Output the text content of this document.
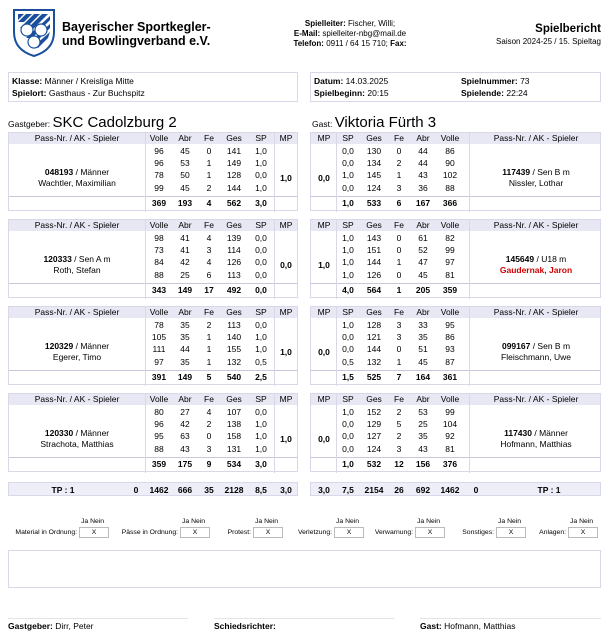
Bayerischer Sportkegler-
und Bowlingverband e.V.
Spielleiter: Fischer, Willi;
E-Mail: spielleiter-nbg@mail.de
Telefon: 0911 / 64 15 710; Fax:
Spielbericht
Saison 2024-25 / 15. Spieltag
Klasse: Männer / Kreisliga Mitte
Spielort: Gasthaus - Zur Buchspitz
Datum: 14.03.2025
Spielbeginn: 20:15
Spielnummer: 73
Spielende: 22:24
Gastgeber: SKC Cadolzburg 2	Gast: Viktoria Fürth 3
Pass-Nr. / AK - Spieler	Volle	Abr	Fe	Ges	SP	MP
96	45	0	141	1,0
96	53	1	149	1,0
78	50	1	128	0,0
99	45	2	144	1,0
369	193	4	562	3,0
1,0
048193 / Männer
Wachtler, Maximilian
Pass-Nr. / AK - Spieler
SP	Ges	Fe	Abr	Volle
MP
0,0	130	0	44	86
0,0	134	2	44	90
1,0	145	1	43	102
0,0	124	3	36	88
1,0	533	6	167	366
0,0
117439 / Sen B m
Nissler, Lothar
Pass-Nr. / AK - Spieler	Volle	Abr	Fe	Ges	SP	MP
98	41	4	139	0,0
73	41	3	114	0,0
84	42	4	126	0,0
88	25	6	113	0,0
343	149	17	492	0,0
0,0
120333 / Sen A m
Roth, Stefan
Pass-Nr. / AK - Spieler
SP	Ges	Fe	Abr	Volle
MP
1,0	143	0	61	82
1,0	151	0	52	99
1,0	144	1	47	97
1,0	126	0	45	81
4,0	564	1	205	359
1,0
145649 / U18 m
Gaudernak, Jaron
Pass-Nr. / AK - Spieler	Volle	Abr	Fe	Ges	SP	MP
78	35	2	113	0,0
105	35	1	140	1,0
111	44	1	155	1,0
97	35	1	132	0,5
391	149	5	540	2,5
1,0
120329 / Männer
Egerer, Timo
Pass-Nr. / AK - Spieler
SP	Ges	Fe	Abr	Volle
MP
1,0	128	3	33	95
0,0	121	3	35	86
0,0	144	0	51	93
0,5	132	1	45	87
1,5	525	7	164	361
0,0
099167 / Sen B m
Fleischmann, Uwe
Pass-Nr. / AK - Spieler	Volle	Abr	Fe	Ges	SP	MP
80	27	4	107	0,0
96	42	2	138	1,0
95	63	0	158	1,0
88	43	3	131	1,0
359	175	9	534	3,0
1,0
120330 / Männer
Strachota, Matthias
Pass-Nr. / AK - Spieler
SP	Ges	Fe	Abr	Volle
MP
1,0	152	2	53	99
0,0	129	5	25	104
0,0	127	2	35	92
0,0	124	3	43	81
1,0	532	12	156	376
0,0
117430 / Männer
Hofmann, Matthias
TP : 1	0	1462	666	35	2128	8,5	3,0	3,0	7,5	2154	26	692	1462	0	TP : 1
Ja Nein
Material in Ordnung:	X
Ja Nein
Pässe in Ordnung:	X
Ja Nein
Protest:	X
Ja Nein
Verletzung:	X
Ja Nein
Verwarnung:	X
Ja Nein
Sonstiges:	X
Ja Nein
Anlagen:	X
Gastgeber: Dirr, Peter	Schiedsrichter:	Gast: Hofmann, Matthias
